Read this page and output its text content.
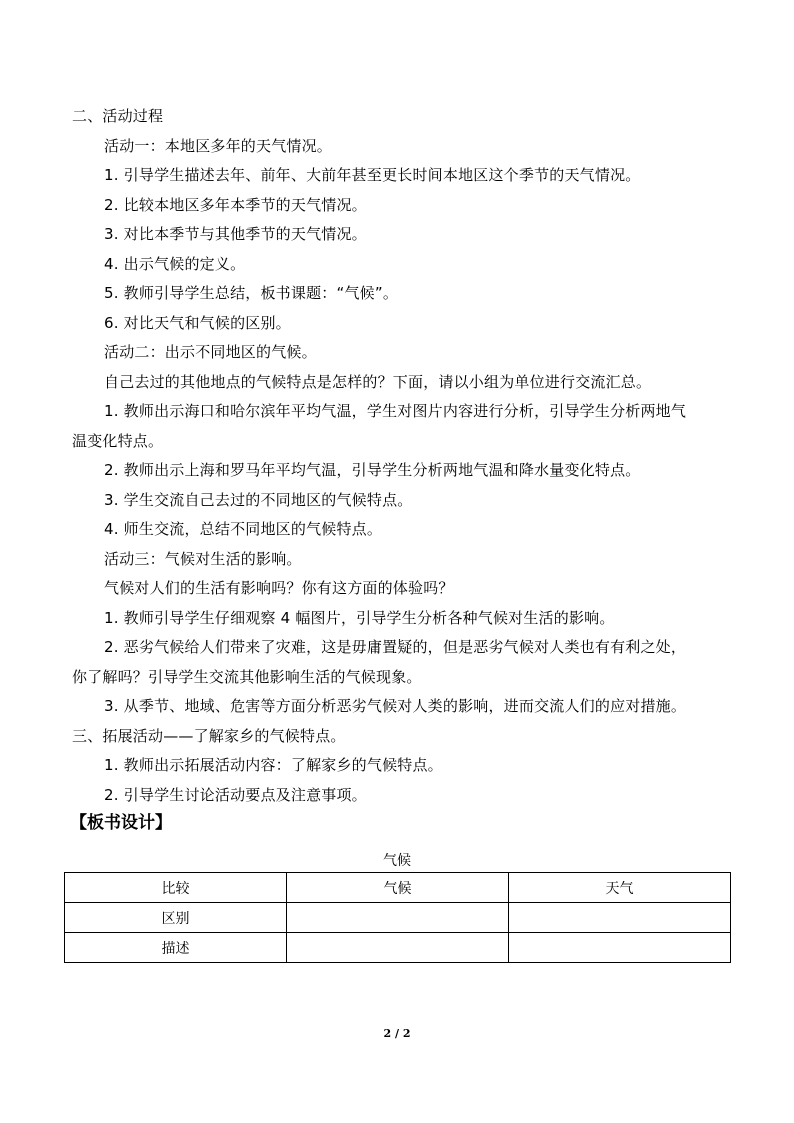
二、活动过程
活动一：本地区多年的天气情况。
1. 引导学生描述去年、前年、大前年甚至更长时间本地区这个季节的天气情况。
2. 比较本地区多年本季节的天气情况。
3. 对比本季节与其他季节的天气情况。
4. 出示气候的定义。
5. 教师引导学生总结，板书课题：“气候”。
6. 对比天气和气候的区别。
活动二：出示不同地区的气候。
自己去过的其他地点的气候特点是怎样的？下面，请以小组为单位进行交流汇总。
1. 教师出示海口和哈尔滨年平均气温，学生对图片内容进行分析，引导学生分析两地气
温变化特点。
2. 教师出示上海和罗马年平均气温，引导学生分析两地气温和降水量变化特点。
3. 学生交流自己去过的不同地区的气候特点。
4. 师生交流，总结不同地区的气候特点。
活动三：气候对生活的影响。
气候对人们的生活有影响吗？你有这方面的体验吗？
1. 教师引导学生仔细观察 4 幅图片，引导学生分析各种气候对生活的影响。
2. 恶劣气候给人们带来了灾难，这是毋庸置疑的，但是恶劣气候对人类也有有利之处，
你了解吗？引导学生交流其他影响生活的气候现象。
3. 从季节、地域、危害等方面分析恶劣气候对人类的影响，进而交流人们的应对措施。
三、拓展活动——了解家乡的气候特点。
1. 教师出示拓展活动内容：了解家乡的气候特点。
2. 引导学生讨论活动要点及注意事项。
【板书设计】
气候
比较	气候	天气
区别		
描述		
2 / 2
